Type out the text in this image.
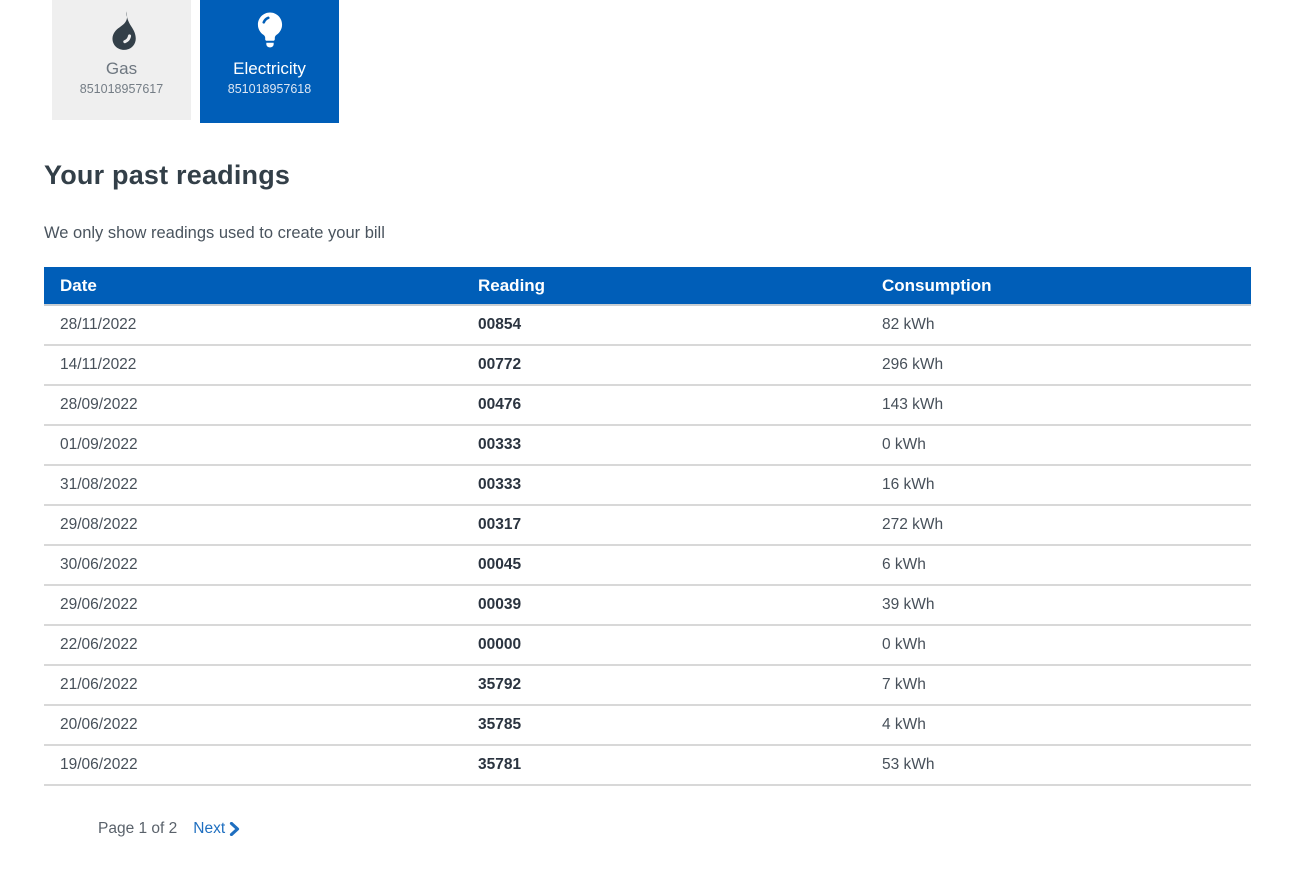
Gas
851018957617
Electricity
851018957618
Your past readings

We only show readings used to create your bill

Date	Reading	Consumption
28/11/2022	00854	82 kWh
14/11/2022	00772	296 kWh
28/09/2022	00476	143 kWh
01/09/2022	00333	0 kWh
31/08/2022	00333	16 kWh
29/08/2022	00317	272 kWh
30/06/2022	00045	6 kWh
29/06/2022	00039	39 kWh
22/06/2022	00000	0 kWh
21/06/2022	35792	7 kWh
20/06/2022	35785	4 kWh
19/06/2022	35781	53 kWh
Page 1 of 2 Next
